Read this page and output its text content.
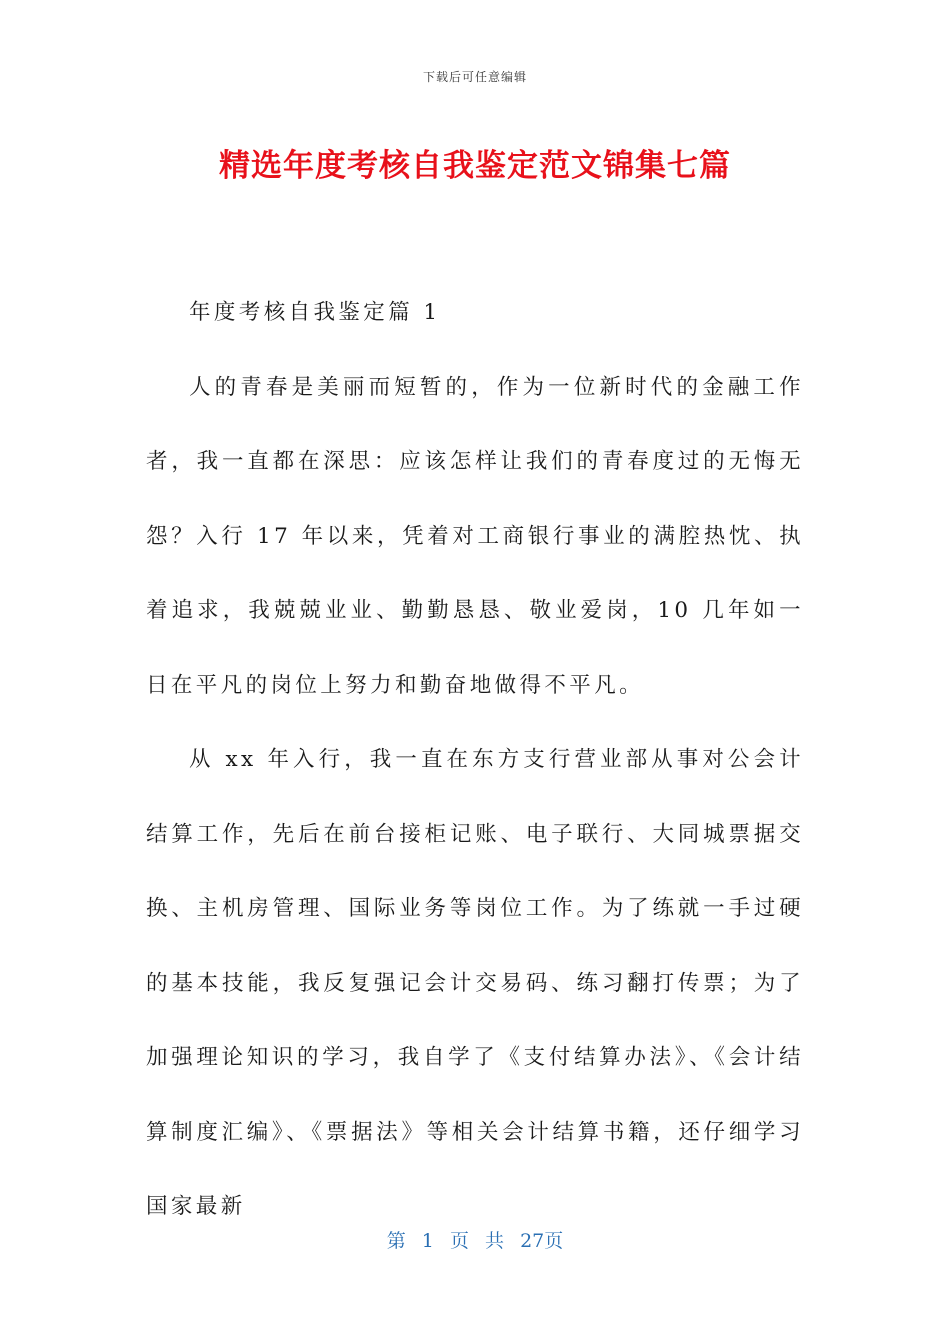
下载后可任意编辑
精选年度考核自我鉴定范文锦集七篇

年度考核自我鉴定篇 1

人的青春是美丽而短暂的，作为一位新时代的金融工作者，我一直都在深思：应该怎样让我们的青春度过的无悔无怨？入行 17 年以来，凭着对工商银行事业的满腔热忱、执着追求，我兢兢业业、勤勤恳恳、敬业爱岗，10 几年如一日在平凡的岗位上努力和勤奋地做得不平凡。

从 xx 年入行，我一直在东方支行营业部从事对公会计结算工作，先后在前台接柜记账、电子联行、大同城票据交换、主机房管理、国际业务等岗位工作。为了练就一手过硬的基本技能，我反复强记会计交易码、练习翻打传票；为了加强理论知识的学习，我自学了《支付结算办法》、《会计结算制度汇编》、《票据法》等相关会计结算书籍，还仔细学习国家最新

第 1 页 共 27页
